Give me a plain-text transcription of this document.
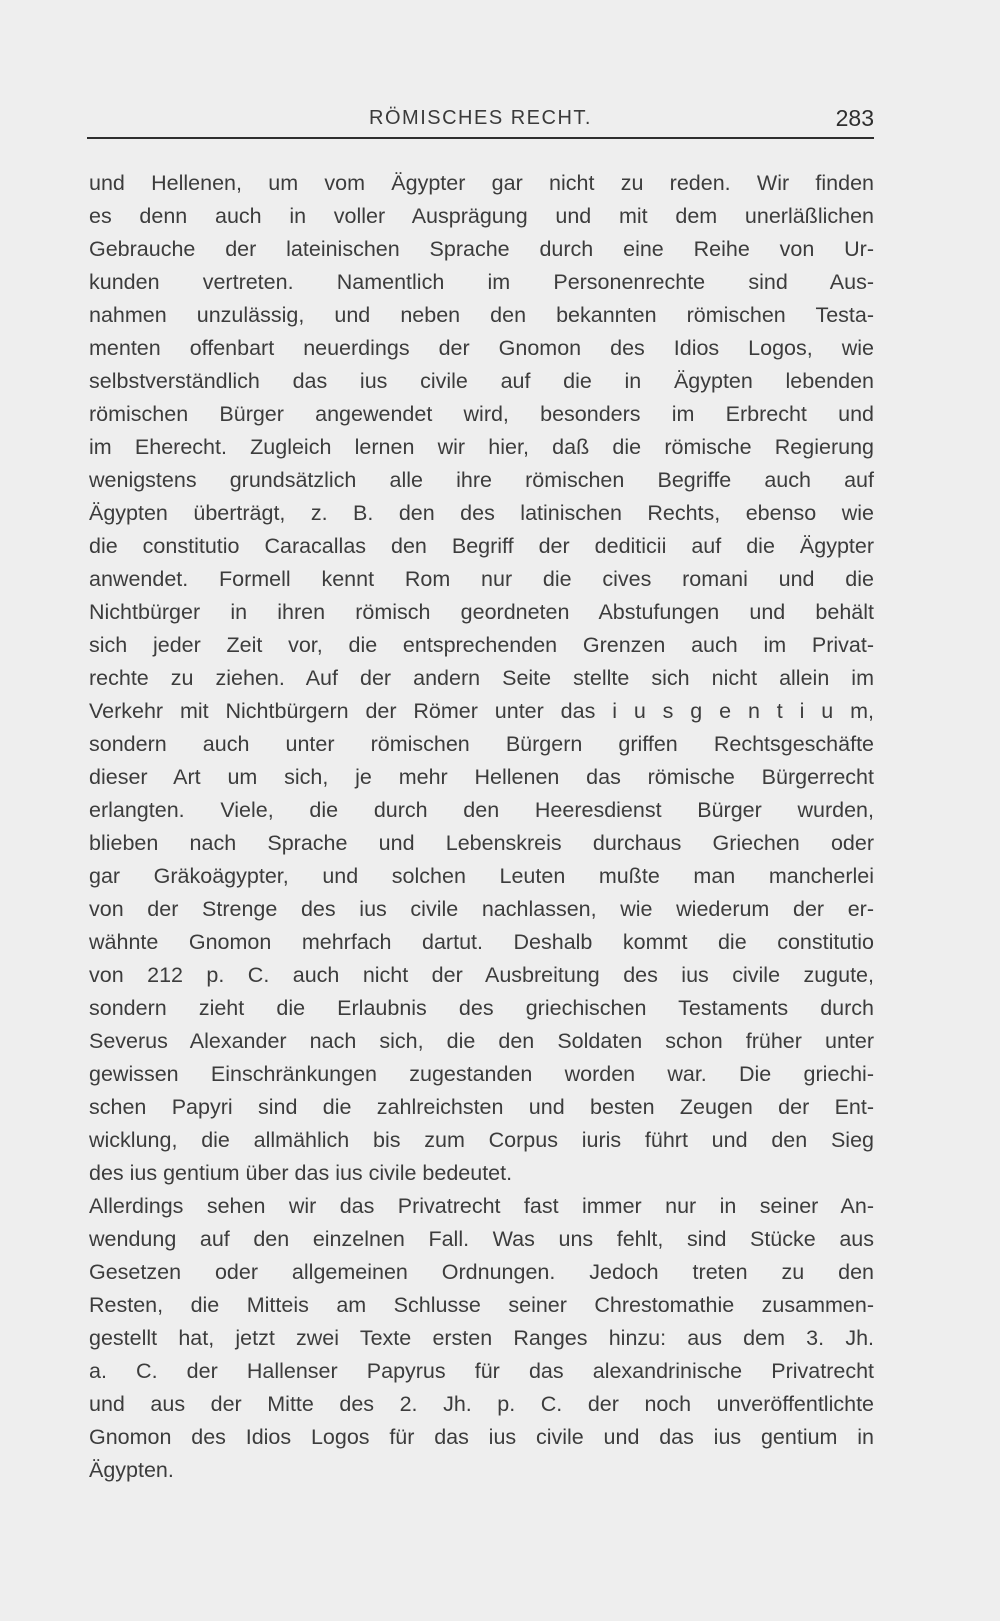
RÖMISCHES RECHT.	283
und Hellenen, um vom Ägypter gar nicht zu reden. Wir finden
es denn auch in voller Ausprägung und mit dem unerläßlichen
Gebrauche der lateinischen Sprache durch eine Reihe von Ur-
kunden vertreten. Namentlich im Personenrechte sind Aus-
nahmen unzulässig, und neben den bekannten römischen Testa-
menten offenbart neuerdings der Gnomon des Idios Logos, wie
selbstverständlich das ius civile auf die in Ägypten lebenden
römischen Bürger angewendet wird, besonders im Erbrecht und
im Eherecht. Zugleich lernen wir hier, daß die römische Regierung
wenigstens grundsätzlich alle ihre römischen Begriffe auch auf
Ägypten überträgt, z. B. den des latinischen Rechts, ebenso wie
die constitutio Caracallas den Begriff der dediticii auf die Ägypter
anwendet. Formell kennt Rom nur die cives romani und die
Nichtbürger in ihren römisch geordneten Abstufungen und behält
sich jeder Zeit vor, die entsprechenden Grenzen auch im Privat-
rechte zu ziehen. Auf der andern Seite stellte sich nicht allein im
Verkehr mit Nichtbürgern der Römer unter das i u s g e n t i u m,
sondern auch unter römischen Bürgern griffen Rechtsgeschäfte
dieser Art um sich, je mehr Hellenen das römische Bürgerrecht
erlangten. Viele, die durch den Heeresdienst Bürger wurden,
blieben nach Sprache und Lebenskreis durchaus Griechen oder
gar Gräkoägypter, und solchen Leuten mußte man mancherlei
von der Strenge des ius civile nachlassen, wie wiederum der er-
wähnte Gnomon mehrfach dartut. Deshalb kommt die constitutio
von 212 p. C. auch nicht der Ausbreitung des ius civile zugute,
sondern zieht die Erlaubnis des griechischen Testaments durch
Severus Alexander nach sich, die den Soldaten schon früher unter
gewissen Einschränkungen zugestanden worden war. Die griechi-
schen Papyri sind die zahlreichsten und besten Zeugen der Ent-
wicklung, die allmählich bis zum Corpus iuris führt und den Sieg
des ius gentium über das ius civile bedeutet.
Allerdings sehen wir das Privatrecht fast immer nur in seiner An-
wendung auf den einzelnen Fall. Was uns fehlt, sind Stücke aus
Gesetzen oder allgemeinen Ordnungen. Jedoch treten zu den
Resten, die Mitteis am Schlusse seiner Chrestomathie zusammen-
gestellt hat, jetzt zwei Texte ersten Ranges hinzu: aus dem 3. Jh.
a. C. der Hallenser Papyrus für das alexandrinische Privatrecht
und aus der Mitte des 2. Jh. p. C. der noch unveröffentlichte
Gnomon des Idios Logos für das ius civile und das ius gentium in
Ägypten.
